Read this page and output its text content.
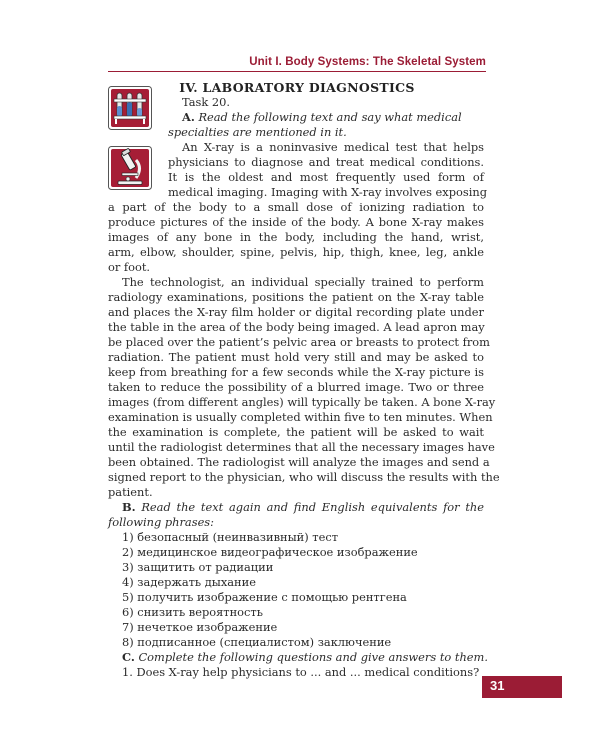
Unit I. Body Systems: The Skeletal System
IV. LABORATORY DIAGNOSTICS
Task 20.
A. Read the following text and say what medical
specialties are mentioned in it.
An X-ray is a noninvasive medical test that helps
physicians to diagnose and treat medical conditions.
It is the oldest and most frequently used form of
medical imaging. Imaging with X-ray involves exposing
a part of the body to a small dose of ionizing radiation to
produce pictures of the inside of the body. A bone X-ray makes
images of any bone in the body, including the hand, wrist,
arm, elbow, shoulder, spine, pelvis, hip, thigh, knee, leg, ankle
or foot.
The technologist, an individual specially trained to perform
radiology examinations, positions the patient on the X-ray table
and places the X-ray film holder or digital recording plate under
the table in the area of the body being imaged. A lead apron may
be placed over the patient’s pelvic area or breasts to protect from
radiation. The patient must hold very still and may be asked to
keep from breathing for a few seconds while the X-ray picture is
taken to reduce the possibility of a blurred image. Two or three
images (from different angles) will typically be taken. A bone X-ray
examination is usually completed within five to ten minutes. When
the examination is complete, the patient will be asked to wait
until the radiologist determines that all the necessary images have
been obtained. The radiologist will analyze the images and send a
signed report to the physician, who will discuss the results with the
patient.
B. Read the text again and find English equivalents for the
following phrases:
1) безопасный (неинвазивный) тест
2) медицинское видеографическое изображение
3) защитить от радиации
4) задержать дыхание
5) получить изображение с помощью рентгена
6) снизить вероятность
7) нечеткое изображение
8) подписанное (специалистом) заключение
C. Complete the following questions and give answers to them.
1. Does X-ray help physicians to ... and ... medical conditions?
31
